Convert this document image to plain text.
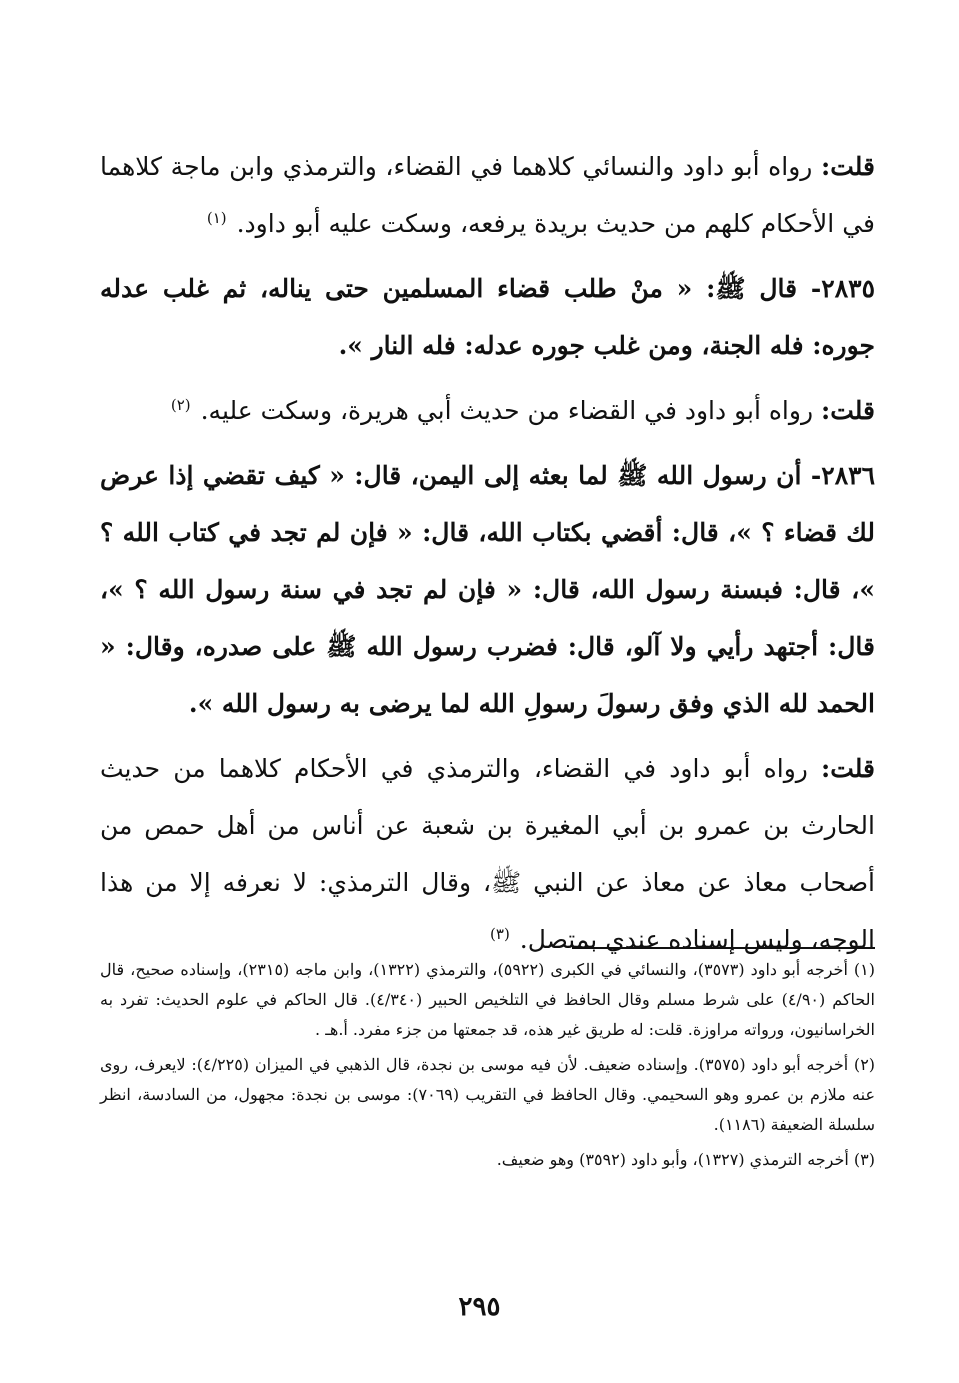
قلت: رواه أبو داود والنسائي كلاهما في القضاء، والترمذي وابن ماجة كلاهما في الأحكام كلهم من حديث بريدة يرفعه، وسكت عليه أبو داود. $^{(١)}$

٢٨٣٥- قال ﷺ: « منْ طلب قضاء المسلمين حتى يناله، ثم غلب عدله جوره: فله الجنة، ومن غلب جوره عدله: فله النار ».

قلت: رواه أبو داود في القضاء من حديث أبي هريرة، وسكت عليه. $^{(٢)}$

٢٨٣٦- أن رسول الله ﷺ لما بعثه إلى اليمن، قال: « كيف تقضي إذا عرض لك قضاء ؟ »، قال: أقضي بكتاب الله، قال: « فإن لم تجد في كتاب الله ؟ »، قال: فبسنة رسول الله، قال: « فإن لم تجد في سنة رسول الله ؟ »، قال: أجتهد رأيي ولا آلو، قال: فضرب رسول الله ﷺ على صدره، وقال: « الحمد لله الذي وفق رسولَ رسولِ الله لما يرضى به رسول الله ».

قلت: رواه أبو داود في القضاء، والترمذي في الأحكام كلاهما من حديث الحارث بن عمرو بن أبي المغيرة بن شعبة عن أناس من أهل حمص من أصحاب معاذ عن معاذ عن النبي ﷺ، وقال الترمذي: لا نعرفه إلا من هذا الوجه، وليس إسناده عندي بمتصل. $^{(٣)}$

(١) أخرجه أبو داود (٣٥٧٣)، والنسائي في الكبرى (٥٩٢٢)، والترمذي (١٣٢٢)، وابن ماجه (٢٣١٥)، وإسناده صحيح، قال الحاكم (٤/٩٠) على شرط مسلم وقال الحافظ في التلخيص الحبير (٤/٣٤٠). قال الحاكم في علوم الحديث: تفرد به الخراسانيون، ورواته مراوزة. قلت: له طريق غير هذه، قد جمعتها من جزء مفرد. أ.هـ .

(٢) أخرجه أبو داود (٣٥٧٥). وإسناده ضعيف. لأن فيه موسى بن نجدة، قال الذهبي في الميزان (٤/٢٢٥): لايعرف، روى عنه ملازم بن عمرو وهو السحيمي. وقال الحافظ في التقريب (٧٠٦٩): موسى بن نجدة: مجهول، من السادسة، انظر سلسلة الضعيفة (١١٨٦).

(٣) أخرجه الترمذي (١٣٢٧)، وأبو داود (٣٥٩٢) وهو ضعيف.

٢٩٥
